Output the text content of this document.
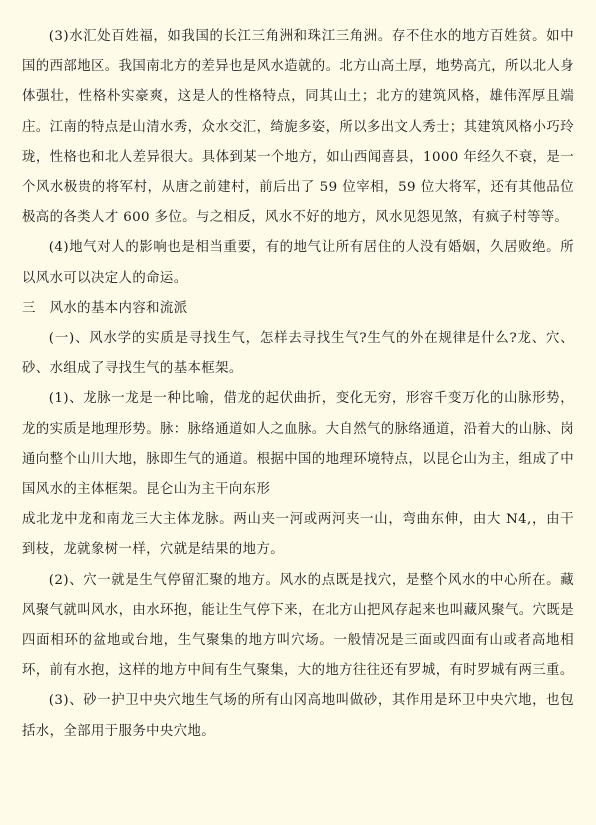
(3)水汇处百姓福，如我国的长江三角洲和珠江三角洲。存不住水的地方百姓贫。如中国的西部地区。我国南北方的差异也是风水造就的。北方山高土厚，地势高亢，所以北人身体强壮，性格朴实豪爽，这是人的性格特点，同其山土；北方的建筑风格，雄伟浑厚且端庄。江南的特点是山清水秀，众水交汇，绮旎多姿，所以多出文人秀士；其建筑风格小巧玲珑，性格也和北人差异很大。具体到某一个地方，如山西闻喜县，1000 年经久不衰，是一个风水极贵的将军村，从唐之前建村，前后出了 59 位宰相，59 位大将军，还有其他品位极高的各类人才 600 多位。与之相反，风水不好的地方，风水见怨见煞，有疯子村等等。

(4)地气对人的影响也是相当重要，有的地气让所有居住的人没有婚姻，久居败绝。所以风水可以决定人的命运。

三　风水的基本内容和流派

(一)、风水学的实质是寻找生气，怎样去寻找生气?生气的外在规律是什么?龙、穴、砂、水组成了寻找生气的基本框架。

(1)、龙脉一龙是一种比喻，借龙的起伏曲折，变化无穷，形容千变万化的山脉形势，龙的实质是地理形势。脉：脉络通道如人之血脉。大自然气的脉络通道，沿着大的山脉、岗通向整个山川大地，脉即生气的通道。根据中国的地理环境特点，以昆仑山为主，组成了中国风水的主体框架。昆仑山为主干向东形

成北龙中龙和南龙三大主体龙脉。两山夹一河或两河夹一山，弯曲东伸，由大 N4,，由干到枝，龙就象树一样，穴就是结果的地方。

(2)、穴一就是生气停留汇聚的地方。风水的点既是找穴，是整个风水的中心所在。藏风聚气就叫风水，由水环抱，能让生气停下来，在北方山把风存起来也叫藏风聚气。穴既是四面相环的盆地或台地，生气聚集的地方叫穴场。一般情况是三面或四面有山或者高地相环，前有水抱，这样的地方中间有生气聚集，大的地方往往还有罗城，有时罗城有两三重。

(3)、砂一护卫中央穴地生气场的所有山冈高地叫做砂，其作用是环卫中央穴地，也包括水，全部用于服务中央穴地。
